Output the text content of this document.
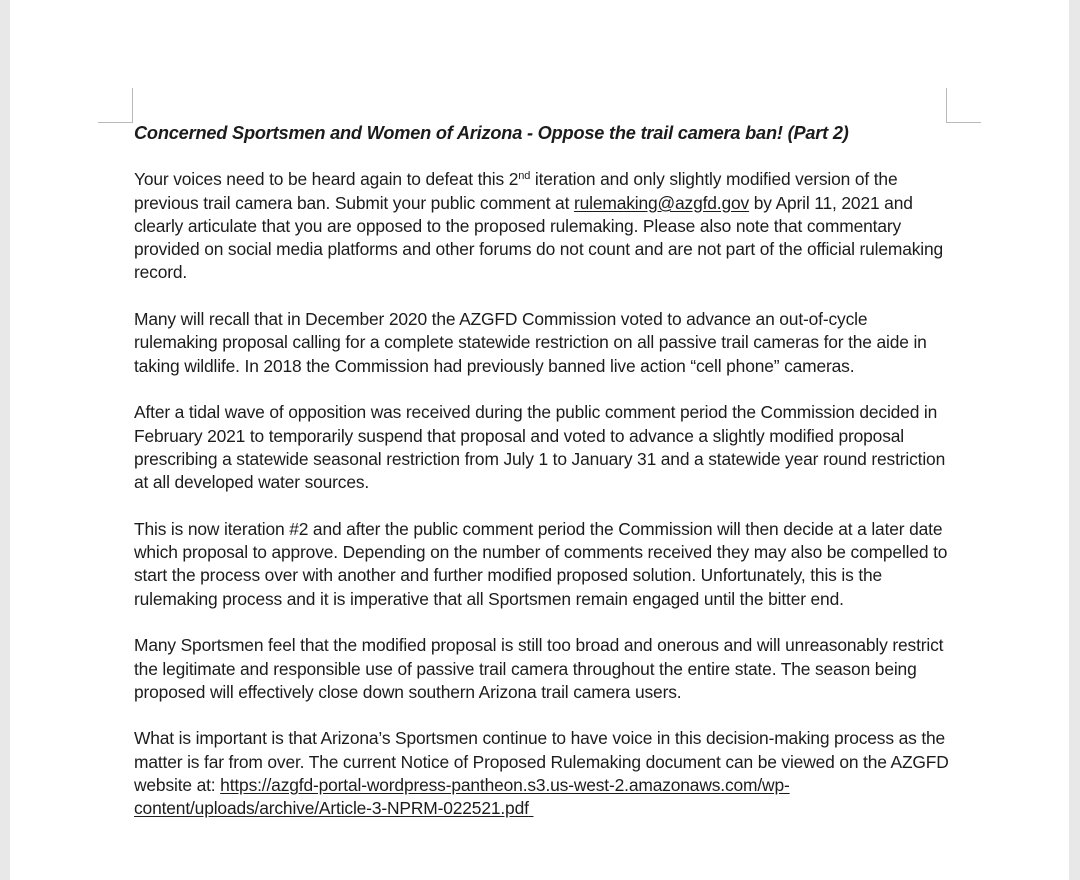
Concerned Sportsmen and Women of Arizona - Oppose the trail camera ban! (Part 2)

Your voices need to be heard again to defeat this 2nd iteration and only slightly modified version of the previous trail camera ban. Submit your public comment at rulemaking@azgfd.gov by April 11, 2021 and clearly articulate that you are opposed to the proposed rulemaking. Please also note that commentary provided on social media platforms and other forums do not count and are not part of the official rulemaking record.

Many will recall that in December 2020 the AZGFD Commission voted to advance an out-of-cycle rulemaking proposal calling for a complete statewide restriction on all passive trail cameras for the aide in taking wildlife. In 2018 the Commission had previously banned live action “cell phone” cameras.

After a tidal wave of opposition was received during the public comment period the Commission decided in February 2021 to temporarily suspend that proposal and voted to advance a slightly modified proposal prescribing a statewide seasonal restriction from July 1 to January 31 and a statewide year round restriction at all developed water sources.

This is now iteration #2 and after the public comment period the Commission will then decide at a later date which proposal to approve. Depending on the number of comments received they may also be compelled to start the process over with another and further modified proposed solution. Unfortunately, this is the rulemaking process and it is imperative that all Sportsmen remain engaged until the bitter end.

Many Sportsmen feel that the modified proposal is still too broad and onerous and will unreasonably restrict the legitimate and responsible use of passive trail camera throughout the entire state. The season being proposed will effectively close down southern Arizona trail camera users.

What is important is that Arizona’s Sportsmen continue to have voice in this decision-making process as the matter is far from over. The current Notice of Proposed Rulemaking document can be viewed on the AZGFD website at: https://azgfd-portal-wordpress-pantheon.s3.us-west-2.amazonaws.com/wp-
content/uploads/archive/Article-3-NPRM-022521.pdf
